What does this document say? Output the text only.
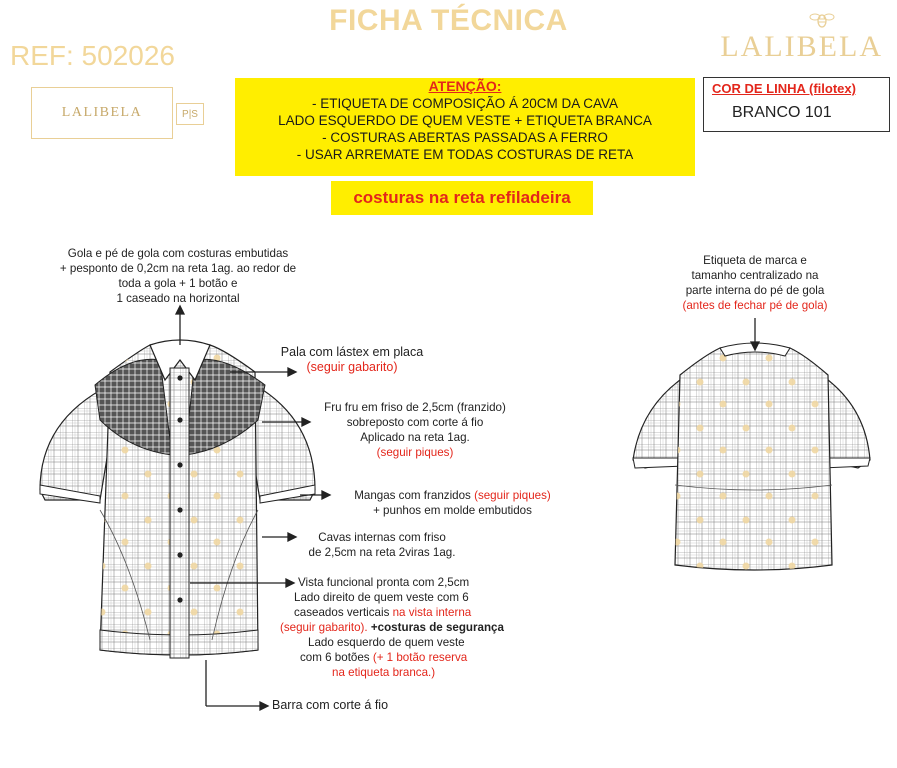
FICHA TÉCNICA
REF: 502026	LALIBELA
LALIBELA	P|S
ATENÇÃO:
- ETIQUETA DE COMPOSIÇÃO Á 20CM DA CAVA
LADO ESQUERDO DE QUEM VESTE + ETIQUETA BRANCA
- COSTURAS ABERTAS PASSADAS A FERRO
- USAR ARREMATE EM TODAS COSTURAS DE RETA
COR DE LINHA (filotex)
BRANCO 101
costuras na reta refiladeira
Gola e pé de gola com costuras embutidas
+ pesponto de 0,2cm na reta 1ag. ao redor de
toda a gola + 1 botão e
1 caseado na horizontal
Pala com lástex em placa
(seguir gabarito)
Fru fru em friso de 2,5cm (franzido)
sobreposto com corte á fio
Aplicado na reta 1ag.
(seguir piques)
Mangas com franzidos (seguir piques)
+ punhos em molde embutidos
Cavas internas com friso
de 2,5cm na reta 2viras 1ag.
Vista funcional pronta com 2,5cm
Lado direito de quem veste com 6
caseados verticais na vista interna
(seguir gabarito). +costuras de segurança
Lado esquerdo de quem veste
com 6 botões (+ 1 botão reserva
na etiqueta branca.)
Barra com corte á fio
Etiqueta de marca e
tamanho centralizado na
parte interna do pé de gola
(antes de fechar pé de gola)
